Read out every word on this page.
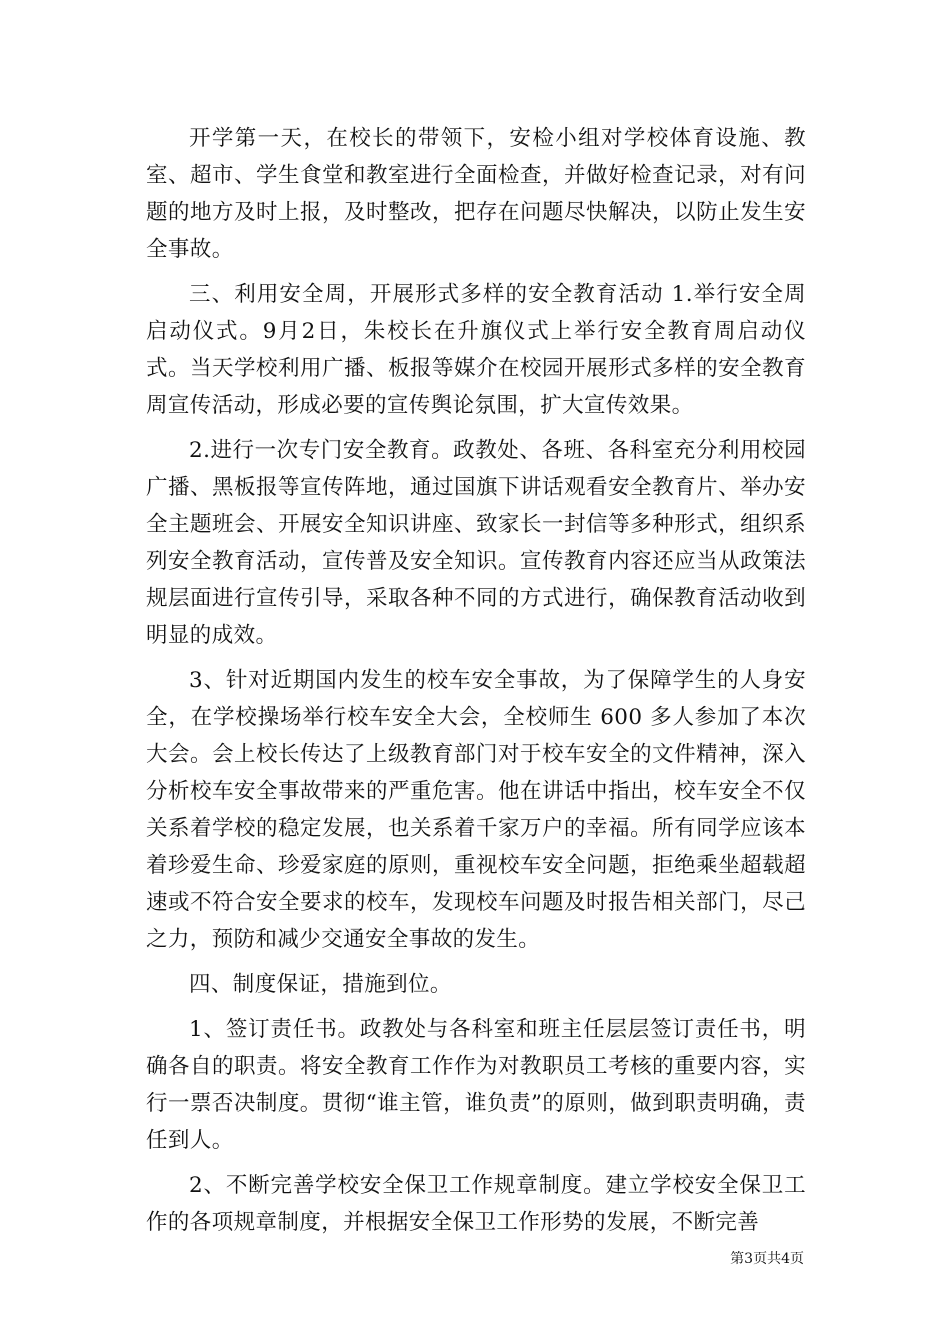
开学第一天，在校长的带领下，安检小组对学校体育设施、教室、超市、学生食堂和教室进行全面检查，并做好检查记录，对有问题的地方及时上报，及时整改，把存在问题尽快解决，以防止发生安全事故。

三、利用安全周，开展形式多样的安全教育活动 1.举行安全周启动仪式。9月2日，朱校长在升旗仪式上举行安全教育周启动仪式。当天学校利用广播、板报等媒介在校园开展形式多样的安全教育周宣传活动，形成必要的宣传舆论氛围，扩大宣传效果。

2.进行一次专门安全教育。政教处、各班、各科室充分利用校园广播、黑板报等宣传阵地，通过国旗下讲话观看安全教育片、举办安全主题班会、开展安全知识讲座、致家长一封信等多种形式，组织系列安全教育活动，宣传普及安全知识。宣传教育内容还应当从政策法规层面进行宣传引导，采取各种不同的方式进行，确保教育活动收到明显的成效。

3、针对近期国内发生的校车安全事故，为了保障学生的人身安全，在学校操场举行校车安全大会，全校师生 600 多人参加了本次大会。会上校长传达了上级教育部门对于校车安全的文件精神，深入分析校车安全事故带来的严重危害。他在讲话中指出，校车安全不仅关系着学校的稳定发展，也关系着千家万户的幸福。所有同学应该本着珍爱生命、珍爱家庭的原则，重视校车安全问题，拒绝乘坐超载超速或不符合安全要求的校车，发现校车问题及时报告相关部门，尽己之力，预防和减少交通安全事故的发生。

四、制度保证，措施到位。

1、签订责任书。政教处与各科室和班主任层层签订责任书，明确各自的职责。将安全教育工作作为对教职员工考核的重要内容，实行一票否决制度。贯彻“谁主管，谁负责”的原则，做到职责明确，责任到人。

2、不断完善学校安全保卫工作规章制度。建立学校安全保卫工作的各项规章制度，并根据安全保卫工作形势的发展，不断完善

第3页共4页
